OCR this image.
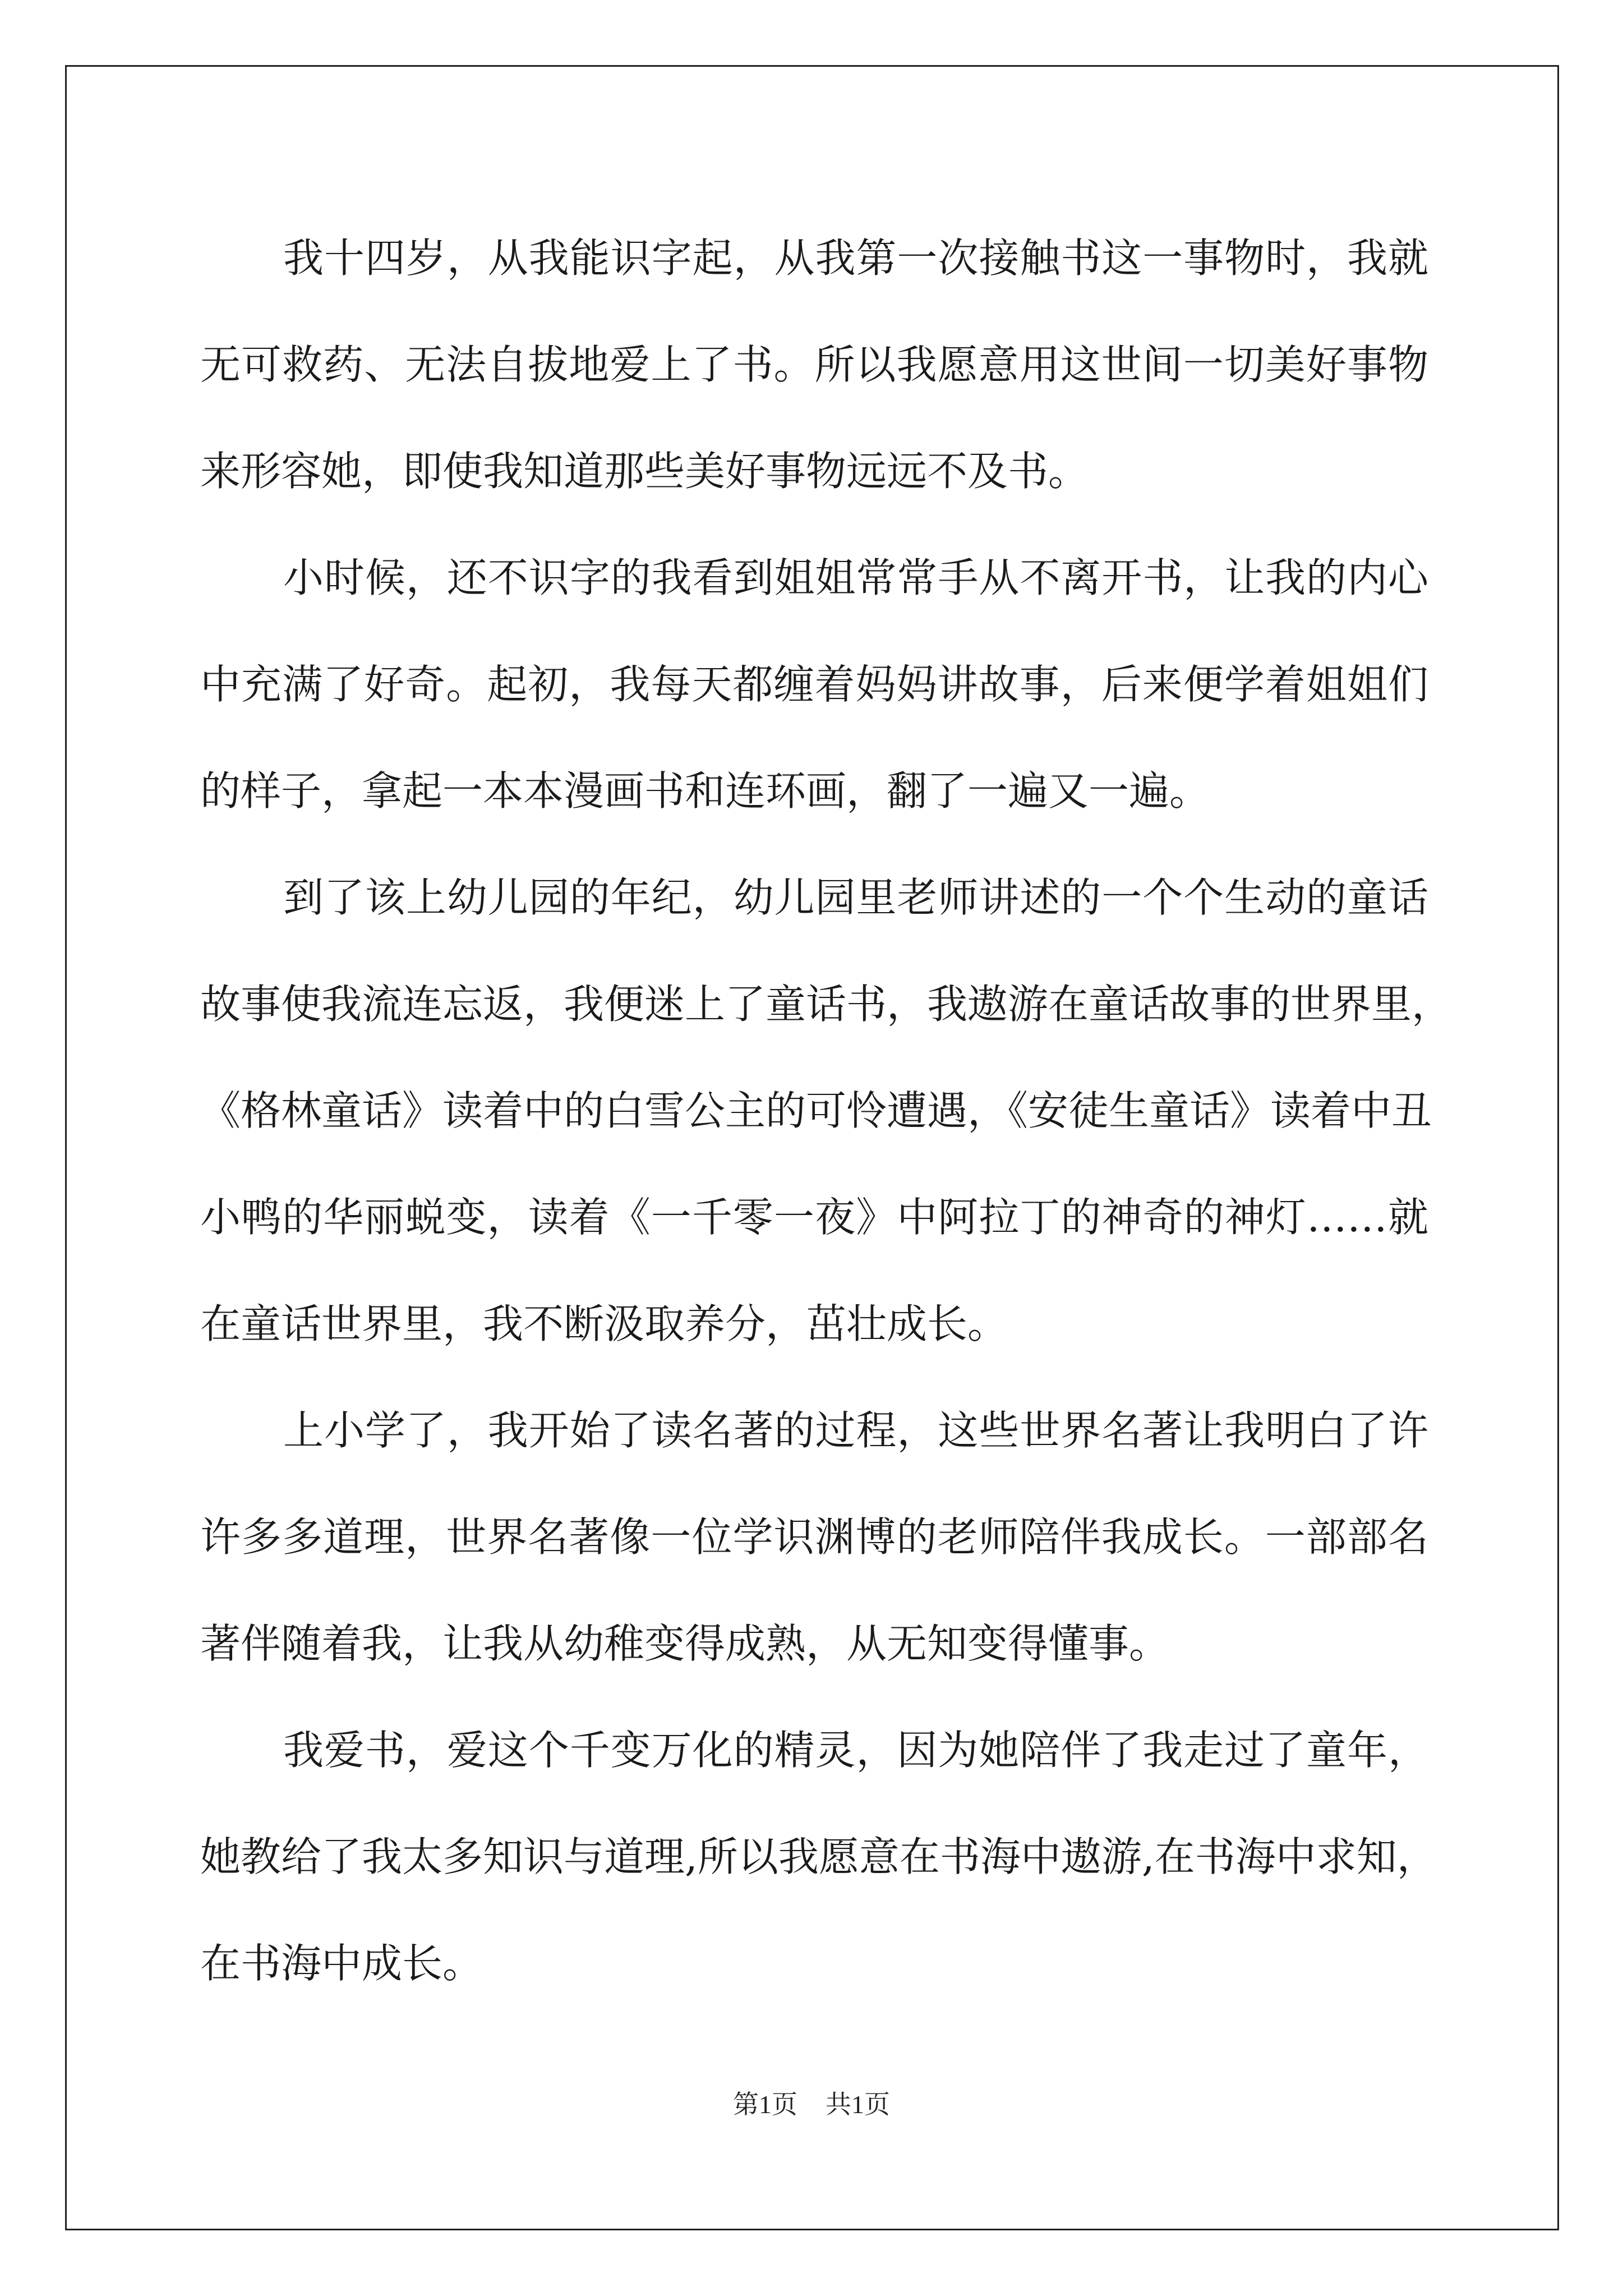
我十四岁，从我能识字起，从我第一次接触书这一事物时，我就

无可救药、无法自拔地爱上了书。所以我愿意用这世间一切美好事物

来形容她，即使我知道那些美好事物远远不及书。

小时候，还不识字的我看到姐姐常常手从不离开书，让我的内心

中充满了好奇。起初，我每天都缠着妈妈讲故事，后来便学着姐姐们

的样子，拿起一本本漫画书和连环画，翻了一遍又一遍。

到了该上幼儿园的年纪，幼儿园里老师讲述的一个个生动的童话

故事使我流连忘返，我便迷上了童话书，我遨游在童话故事的世界里，

《格林童话》读着中的白雪公主的可怜遭遇，《安徒生童话》读着中丑

小鸭的华丽蜕变，读着《一千零一夜》中阿拉丁的神奇的神灯……就

在童话世界里，我不断汲取养分，茁壮成长。

上小学了，我开始了读名著的过程，这些世界名著让我明白了许

许多多道理，世界名著像一位学识渊博的老师陪伴我成长。一部部名

著伴随着我，让我从幼稚变得成熟，从无知变得懂事。

我爱书，爱这个千变万化的精灵，因为她陪伴了我走过了童年，

她教给了我太多知识与道理,所以我愿意在书海中遨游,在书海中求知，

在书海中成长。

第1页 共1页
